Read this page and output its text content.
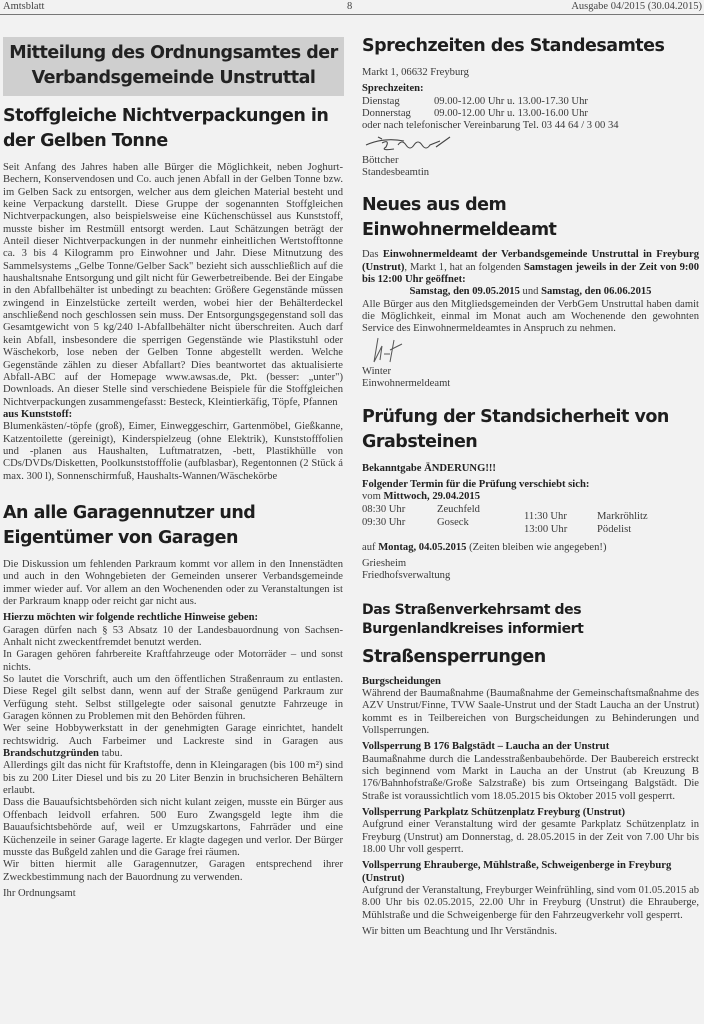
Amtsblatt	8	Ausgabe 04/2015 (30.04.2015)
Mitteilung des Ordnungsamtes der
Verbandsgemeinde Unstruttal
Stoffgleiche Nichtverpackungen in der Gelben Tonne

Seit Anfang des Jahres haben alle Bürger die Möglichkeit, neben Joghurt-Bechern, Konservendosen und Co. auch jenen Abfall in der Gelben Tonne bzw. im Gelben Sack zu entsorgen, welcher aus dem gleichen Material besteht und keine Verpackung darstellt. Diese Gruppe der sogenannten Stoffgleichen Nichtverpackungen, also beispielsweise eine Küchenschüssel aus Kunststoff, musste bisher im Restmüll entsorgt werden. Laut Schätzungen beträgt der Anteil dieser Nichtverpackungen in der nunmehr einheitlichen Wertstofftonne ca. 3 bis 4 Kilogramm pro Einwohner und Jahr. Diese Mitnutzung des Sammelsystems „Gelbe Tonne/Gelber Sack" bezieht sich ausschließlich auf die haushaltsnahe Entsorgung und gilt nicht für Gewerbetreibende. Bei der Eingabe in den Abfallbehälter ist unbedingt zu beachten: Größere Gegenstände müssen zwingend in Einzelstücke zerteilt werden, wobei hier der Behälterdeckel anschließend noch geschlossen sein muss. Der Entsorgungsgegenstand soll das Gesamtgewicht von 5 kg/240 l-Abfallbehälter nicht überschreiten. Auch darf kein Abfall, insbesondere die sperrigen Gegenstände wie Plastikstuhl oder Wäschekorb, lose neben der Gelben Tonne abgestellt werden. Welche Gegenstände zählen zu dieser Abfallart? Dies beantwortet das aktualisierte Abfall-ABC auf der Homepage www.awsas.de, Pkt. (besser: „unter") Downloads. An dieser Stelle sind verschiedene Beispiele für die Stoffgleichen Nichtverpackungen zusammengefasst: Besteck, Kleintierkäfig, Töpfe, Pfannen

aus Kunststoff:

Blumenkästen/-töpfe (groß), Eimer, Einweggeschirr, Gartenmöbel, Gießkanne, Katzentoilette (gereinigt), Kinderspielzeug (ohne Elektrik), Kunststofffolien und -planen aus Haushalten, Luftmatratzen, -bett, Plastikhülle von CDs/DVDs/Disketten, Poolkunststofffolie (aufblasbar), Regentonnen (2 Stück á max. 300 l), Sonnenschirmfuß, Haushalts-Wannen/Wäschekörbe

An alle Garagennutzer und Eigentümer von Garagen

Die Diskussion um fehlenden Parkraum kommt vor allem in den Innenstädten und auch in den Wohngebieten der Gemeinden unserer Verbandsgemeinde immer wieder auf. Vor allem an den Wochenenden oder zu Veranstaltungen ist der Parkraum knapp oder reicht gar nicht aus.

Hierzu möchten wir folgende rechtliche Hinweise geben:

Garagen dürfen nach § 53 Absatz 10 der Landesbauordnung von Sachsen-Anhalt nicht zweckentfremdet benutzt werden.

In Garagen gehören fahrbereite Kraftfahrzeuge oder Motorräder – und sonst nichts.

So lautet die Vorschrift, auch um den öffentlichen Straßenraum zu entlasten. Diese Regel gilt selbst dann, wenn auf der Straße genügend Parkraum zur Verfügung steht. Selbst stillgelegte oder saisonal genutzte Fahrzeuge in Garagen können zu Problemen mit den Behörden führen.

Wer seine Hobbywerkstatt in der genehmigten Garage einrichtet, handelt rechtswidrig. Auch Farbeimer und Lackreste sind in Garagen aus Brandschutzgründen tabu.

Allerdings gilt das nicht für Kraftstoffe, denn in Kleingaragen (bis 100 m²) sind bis zu 200 Liter Diesel und bis zu 20 Liter Benzin in bruchsicheren Behältern erlaubt.

Dass die Bauaufsichtsbehörden sich nicht kulant zeigen, musste ein Bürger aus Offenbach leidvoll erfahren. 500 Euro Zwangsgeld legte ihm die Bauaufsichtsbehörde auf, weil er Umzugskartons, Fahrräder und eine Küchenzeile in seiner Garage lagerte. Er klagte dagegen und verlor. Der Bürger musste das Bußgeld zahlen und die Garage frei räumen.

Wir bitten hiermit alle Garagennutzer, Garagen entsprechend ihrer Zweckbestimmung nach der Bauordnung zu verwenden.

Ihr Ordnungsamt
Sprechzeiten des Standesamtes
Markt 1, 06632 Freyburg
Sprechzeiten:
Dienstag	09.00-12.00 Uhr u. 13.00-17.30 Uhr
Donnerstag	09.00-12.00 Uhr u. 13.00-16.00 Uhr
oder nach telefonischer Vereinbarung Tel. 03 44 64 / 3 00 34
Böttcher
Standesbeamtin
Neues aus dem Einwohnermeldeamt

Das Einwohnermeldeamt der Verbandsgemeinde Unstruttal in Freyburg (Unstrut), Markt 1, hat an folgenden Samstagen jeweils in der Zeit von 9:00 bis 12:00 Uhr geöffnet:

Samstag, den 09.05.2015 und Samstag, den 06.06.2015

Alle Bürger aus den Mitgliedsgemeinden der VerbGem Unstruttal haben damit die Möglichkeit, einmal im Monat auch am Wochenende den gewohnten Service des Einwohnermeldeamtes in Anspruch zu nehmen.

Winter
Einwohnermeldeamt
Prüfung der Standsicherheit von Grabsteinen
Bekanntgabe ÄNDERUNG!!!
Folgender Termin für die Prüfung verschiebt sich:
vom Mittwoch, 29.04.2015
08:30 Uhr	Zeuchfeld
09:30 Uhr	Goseck
11:30 Uhr	Markröhlitz
13:00 Uhr	Pödelist
auf Montag, 04.05.2015 (Zeiten bleiben wie angegeben!)
Griesheim
Friedhofsverwaltung
Das Straßenverkehrsamt des Burgenlandkreises informiert
Straßensperrungen
Burgscheidungen

Während der Baumaßnahme (Baumaßnahme der Gemeinschaftsmaßnahme des AZV Unstrut/Finne, TVW Saale-Unstrut und der Stadt Laucha an der Unstrut) kommt es in Teilbereichen von Burgscheidungen zu Behinderungen und Vollsperrungen.

Vollsperrung B 176 Balgstädt – Laucha an der Unstrut

Baumaßnahme durch die Landesstraßenbaubehörde. Der Baubereich erstreckt sich beginnend vom Markt in Laucha an der Unstrut (ab Kreuzung B 176/Bahnhofstraße/Große Salzstraße) bis zum Ortseingang Balgstädt. Die Straße ist voraussichtlich vom 18.05.2015 bis Oktober 2015 voll gesperrt.

Vollsperrung Parkplatz Schützenplatz Freyburg (Unstrut)

Aufgrund einer Veranstaltung wird der gesamte Parkplatz Schützenplatz in Freyburg (Unstrut) am Donnerstag, d. 28.05.2015 in der Zeit von 7.00 Uhr bis 18.00 Uhr voll gesperrt.

Vollsperrung Ehrauberge, Mühlstraße, Schweigenberge in Freyburg (Unstrut)

Aufgrund der Veranstaltung, Freyburger Weinfrühling, sind vom 01.05.2015 ab 8.00 Uhr bis 02.05.2015, 22.00 Uhr in Freyburg (Unstrut) die Ehrauberge, Mühlstraße und die Schweigenberge für den Fahrzeugverkehr voll gesperrt.

Wir bitten um Beachtung und Ihr Verständnis.
